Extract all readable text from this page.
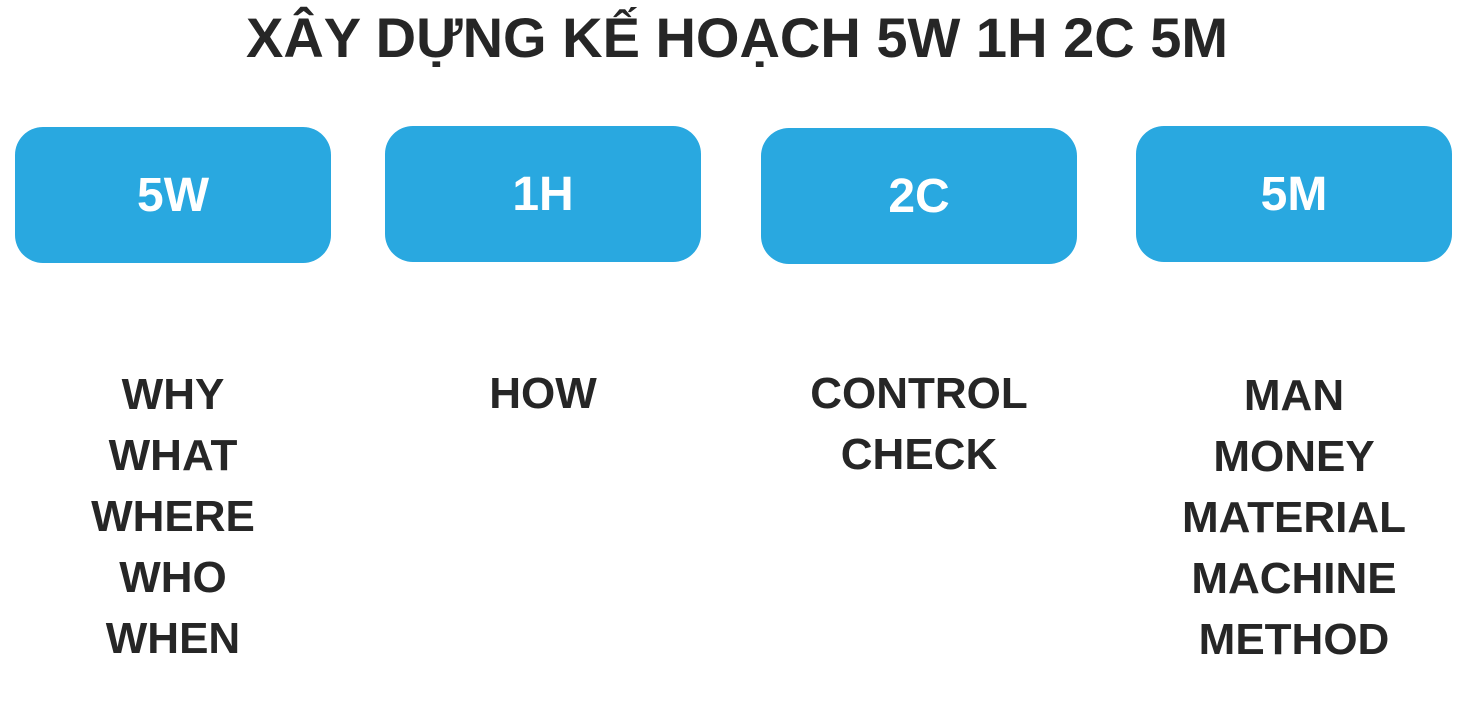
XÂY DỰNG KẾ HOẠCH 5W 1H 2C 5M
5W
WHY
WHAT
WHERE
WHO
WHEN
1H
HOW
2C
CONTROL
CHECK
5M
MAN
MONEY
MATERIAL
MACHINE
METHOD
